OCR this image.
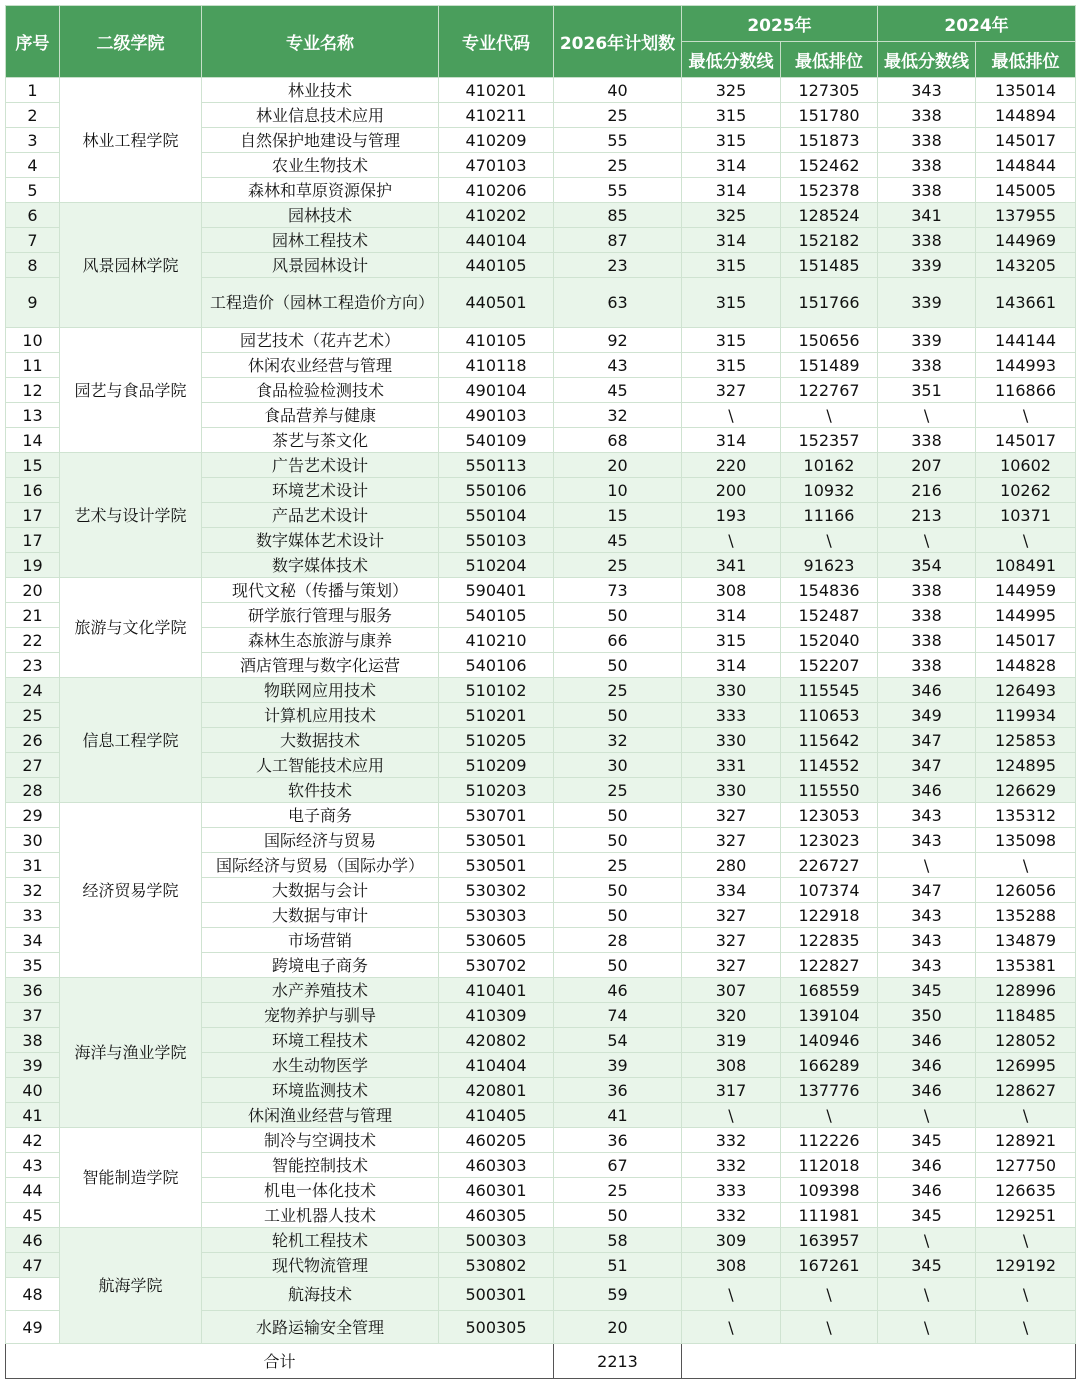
序号	二级学院	专业名称	专业代码	2026年计划数	2025年		2024年	
					最低分数线	最低排位	最低分数线	最低排位
1	林业工程学院	林业技术	410201	40	325	127305	343	135014
2		林业信息技术应用	410211	25	315	151780	338	144894
3		自然保护地建设与管理	410209	55	315	151873	338	145017
4		农业生物技术	470103	25	314	152462	338	144844
5		森林和草原资源保护	410206	55	314	152378	338	145005
6	风景园林学院	园林技术	410202	85	325	128524	341	137955
7		园林工程技术	440104	87	314	152182	338	144969
8		风景园林设计	440105	23	315	151485	339	143205
9		工程造价（园林工程造价方向）	440501	63	315	151766	339	143661
10	园艺与食品学院	园艺技术（花卉艺术）	410105	92	315	150656	339	144144
11		休闲农业经营与管理	410118	43	315	151489	338	144993
12		食品检验检测技术	490104	45	327	122767	351	116866
13		食品营养与健康	490103	32	\	\	\	\
14		茶艺与茶文化	540109	68	314	152357	338	145017
15	艺术与设计学院	广告艺术设计	550113	20	220	10162	207	10602
16		环境艺术设计	550106	10	200	10932	216	10262
17		产品艺术设计	550104	15	193	11166	213	10371
17		数字媒体艺术设计	550103	45	\	\	\	\
19		数字媒体技术	510204	25	341	91623	354	108491
20	旅游与文化学院	现代文秘（传播与策划）	590401	73	308	154836	338	144959
21		研学旅行管理与服务	540105	50	314	152487	338	144995
22		森林生态旅游与康养	410210	66	315	152040	338	145017
23		酒店管理与数字化运营	540106	50	314	152207	338	144828
24	信息工程学院	物联网应用技术	510102	25	330	115545	346	126493
25		计算机应用技术	510201	50	333	110653	349	119934
26		大数据技术	510205	32	330	115642	347	125853
27		人工智能技术应用	510209	30	331	114552	347	124895
28		软件技术	510203	25	330	115550	346	126629
29	经济贸易学院	电子商务	530701	50	327	123053	343	135312
30		国际经济与贸易	530501	50	327	123023	343	135098
31		国际经济与贸易（国际办学）	530501	25	280	226727	\	\
32		大数据与会计	530302	50	334	107374	347	126056
33		大数据与审计	530303	50	327	122918	343	135288
34		市场营销	530605	28	327	122835	343	134879
35		跨境电子商务	530702	50	327	122827	343	135381
36	海洋与渔业学院	水产养殖技术	410401	46	307	168559	345	128996
37		宠物养护与驯导	410309	74	320	139104	350	118485
38		环境工程技术	420802	54	319	140946	346	128052
39		水生动物医学	410404	39	308	166289	346	126995
40		环境监测技术	420801	36	317	137776	346	128627
41		休闲渔业经营与管理	410405	41	\	\	\	\
42	智能制造学院	制冷与空调技术	460205	36	332	112226	345	128921
43		智能控制技术	460303	67	332	112018	346	127750
44		机电一体化技术	460301	25	333	109398	346	126635
45		工业机器人技术	460305	50	332	111981	345	129251
46	航海学院	轮机工程技术	500303	58	309	163957	\	\
47		现代物流管理	530802	51	308	167261	345	129192
48		航海技术	500301	59	\	\	\	\
49		水路运输安全管理	500305	20	\	\	\	\
合计				2213				
